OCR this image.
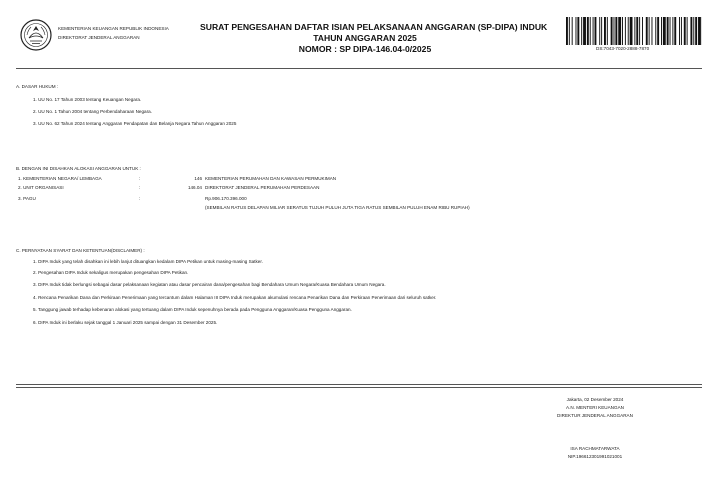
KEMENTERIAN KEUANGAN REPUBLIK INDONESIA
DIREKTORAT JENDERAL ANGGARAN
SURAT PENGESAHAN DAFTAR ISIAN PELAKSANAAN ANGGARAN (SP-DIPA) INDUK
TAHUN ANGGARAN 2025
NOMOR : SP DIPA-146.04-0/2025	DS:7043-7020-2888-7870
A. DASAR HUKUM :
1. UU No. 17 Tahun 2003 tentang Keuangan Negara.
2. UU No. 1 Tahun 2004 tentang Perbendaharaan Negara.
3. UU No. 62 Tahun 2024 tentang Anggaran Pendapatan dan Belanja Negara Tahun Anggaran 2025
B. DENGAN INI DISAHKAN ALOKASI ANGGARAN UNTUK :
1. KEMENTERIAN NEGARA/ LEMBAGA	:	146 KEMENTERIAN PERUMAHAN DAN KAWASAN PERMUKIMAN
2. UNIT ORGANISASI	:	146.04 DIREKTORAT JENDERAL PERUMAHAN PERDESAAN
3. PAGU	:	Rp.906.170.396.000
(SEMBILAN RATUS DELAPAN MILIAR SERATUS TUJUH PULUH JUTA TIGA RATUS SEMBILAN PULUH ENAM RIBU RUPIAH)
C. PERNYATAAN SYARAT DAN KETENTUAN(DISCLAIMER) :
1. DIPA Induk yang telah disahkan ini lebih lanjut dituangkan kedalam DIPA Petikan untuk masing-masing Satker.
2. Pengesahan DIPA Induk sekaligus merupakan pengesahan DIPA Petikan.
3. DIPA Induk tidak berlungsi sebagai dasar pelaksanaan kegiatan atau dasar pencairan dana/pengesahan bagi Bendahara Umum Negara/Kuasa Bendahara Umum Negara.
4. Rencana Penarikan Dana dan Perkiraan Penerimaan yang tercantum dalam Halaman III DIPA Induk merupakan akumulasi rencana Penarikan Dana dan Perkiraan Penerimaan dari seluruh satker.
5. Tanggung jawab terhadap kebenaran alokasi yang tertuang dalam DIPA Induk sepenuhnya berada pada Pengguna Anggaran/Kuasa Pengguna Anggaran.
6. DIPA Induk ini berlaku sejak tanggal 1 Januari 2025 sampai dengan 31 Desember 2025.
Jakarta, 02 Desember 2024
A.N. MENTERI KEUANGAN
DIREKTUR JENDERAL ANGGARAN
ISA RACHMATARWATA
NIP.196612301991021001
